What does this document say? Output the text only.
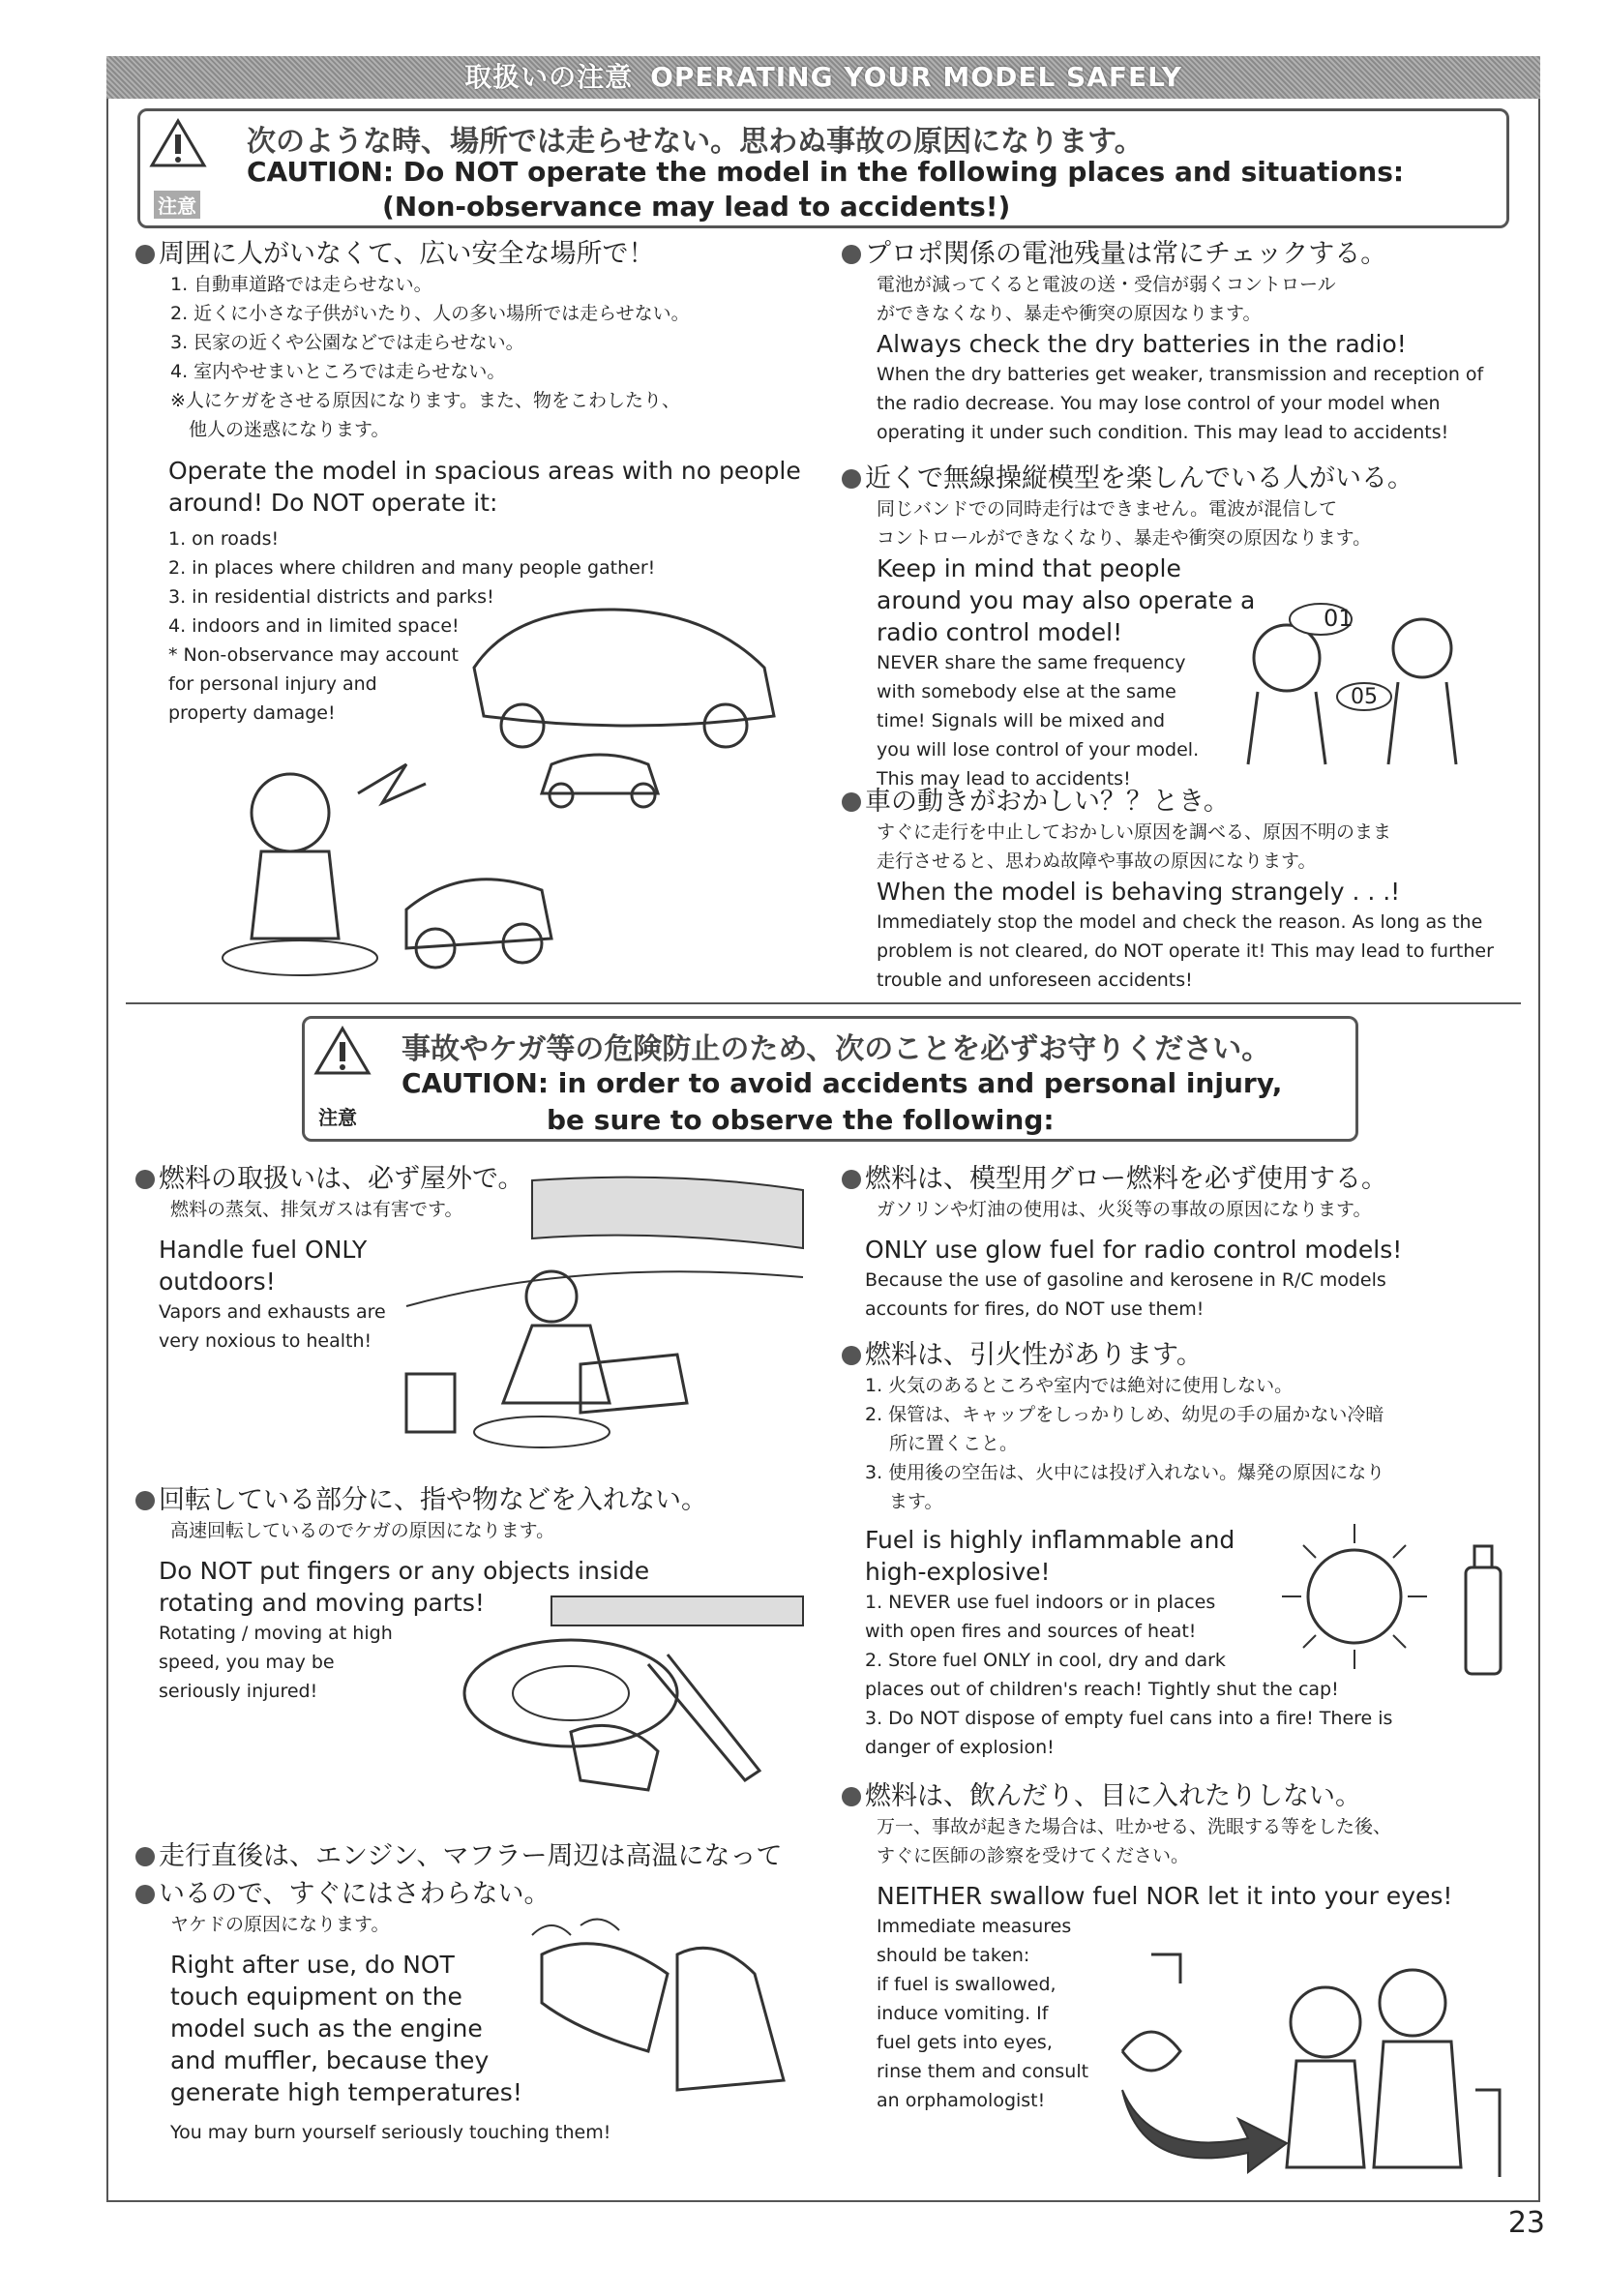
取扱いの注意 OPERATING YOUR MODEL SAFELY
注意
次のような時、場所では走らせない。思わぬ事故の原因になります。
CAUTION: Do NOT operate the model in the following places and situations:
(Non-observance may lead to accidents!)
周囲に人がいなくて、広い安全な場所で！
1. 自動車道路では走らせない。
2. 近くに小さな子供がいたり、人の多い場所では走らせない。
3. 民家の近くや公園などでは走らせない。
4. 室内やせまいところでは走らせない。
※人にケガをさせる原因になります。また、物をこわしたり、
　他人の迷惑になります。
Operate the model in spacious areas with no people around! Do NOT operate it:
1. on roads!
2. in places where children and many people gather!
3. in residential districts and parks!
4. indoors and in limited space!
* Non-observance may account
for personal injury and
property damage!
プロポ関係の電池残量は常にチェックする。
電池が減ってくると電波の送・受信が弱くコントロール
ができなくなり、暴走や衝突の原因なります。
Always check the dry batteries in the radio!
When the dry batteries get weaker, transmission and reception of the radio decrease. You may lose control of your model when operating it under such condition. This may lead to accidents!
近くで無線操縦模型を楽しんでいる人がいる。
同じバンドでの同時走行はできません。電波が混信して
コントロールができなくなり、暴走や衝突の原因なります。
Keep in mind that people around you may also operate a radio control model!
NEVER share the same frequency
with somebody else at the same
time! Signals will be mixed and
you will lose control of your model.
This may lead to accidents!
01
05
車の動きがおかしい？？とき。
すぐに走行を中止しておかしい原因を調べる、原因不明のまま
走行させると、思わぬ故障や事故の原因になります。
When the model is behaving strangely . . .!
Immediately stop the model and check the reason. As long as the problem is not cleared, do NOT operate it! This may lead to further trouble and unforeseen accidents!
注意
事故やケガ等の危険防止のため、次のことを必ずお守りください。
CAUTION: in order to avoid accidents and personal injury,
be sure to observe the following:
燃料の取扱いは、必ず屋外で。
燃料の蒸気、排気ガスは有害です。
Handle fuel ONLY
outdoors!
Vapors and exhausts are
very noxious to health!
燃料は、模型用グロー燃料を必ず使用する。
ガソリンや灯油の使用は、火災等の事故の原因になります。
ONLY use glow fuel for radio control models!
Because the use of gasoline and kerosene in R/C models
accounts for fires, do NOT use them!
燃料は、引火性があります。
1. 火気のあるところや室内では絶対に使用しない。
2. 保管は、キャップをしっかりしめ、幼児の手の届かない冷暗
　 所に置くこと。
3. 使用後の空缶は、火中には投げ入れない。爆発の原因になり
　 ます。
Fuel is highly inflammable and
high-explosive!
1. NEVER use fuel indoors or in places
with open fires and sources of heat!
2. Store fuel ONLY in cool, dry and dark
places out of children's reach! Tightly shut the cap!
3. Do NOT dispose of empty fuel cans into a fire! There is
danger of explosion!
回転している部分に、指や物などを入れない。
高速回転しているのでケガの原因になります。
Do NOT put fingers or any objects inside
rotating and moving parts!
Rotating / moving at high
speed, you may be
seriously injured!
走行直後は、エンジン、マフラー周辺は高温になって
いるので、すぐにはさわらない。
ヤケドの原因になります。
Right after use, do NOT
touch equipment on the
model such as the engine
and muffler, because they
generate high temperatures!
You may burn yourself seriously touching them!
燃料は、飲んだり、目に入れたりしない。
万一、事故が起きた場合は、吐かせる、洗眼する等をした後、
すぐに医師の診察を受けてください。
NEITHER swallow fuel NOR let it into your eyes!
Immediate measures
should be taken:
if fuel is swallowed,
induce vomiting. If
fuel gets into eyes,
rinse them and consult
an orphamologist!
23
